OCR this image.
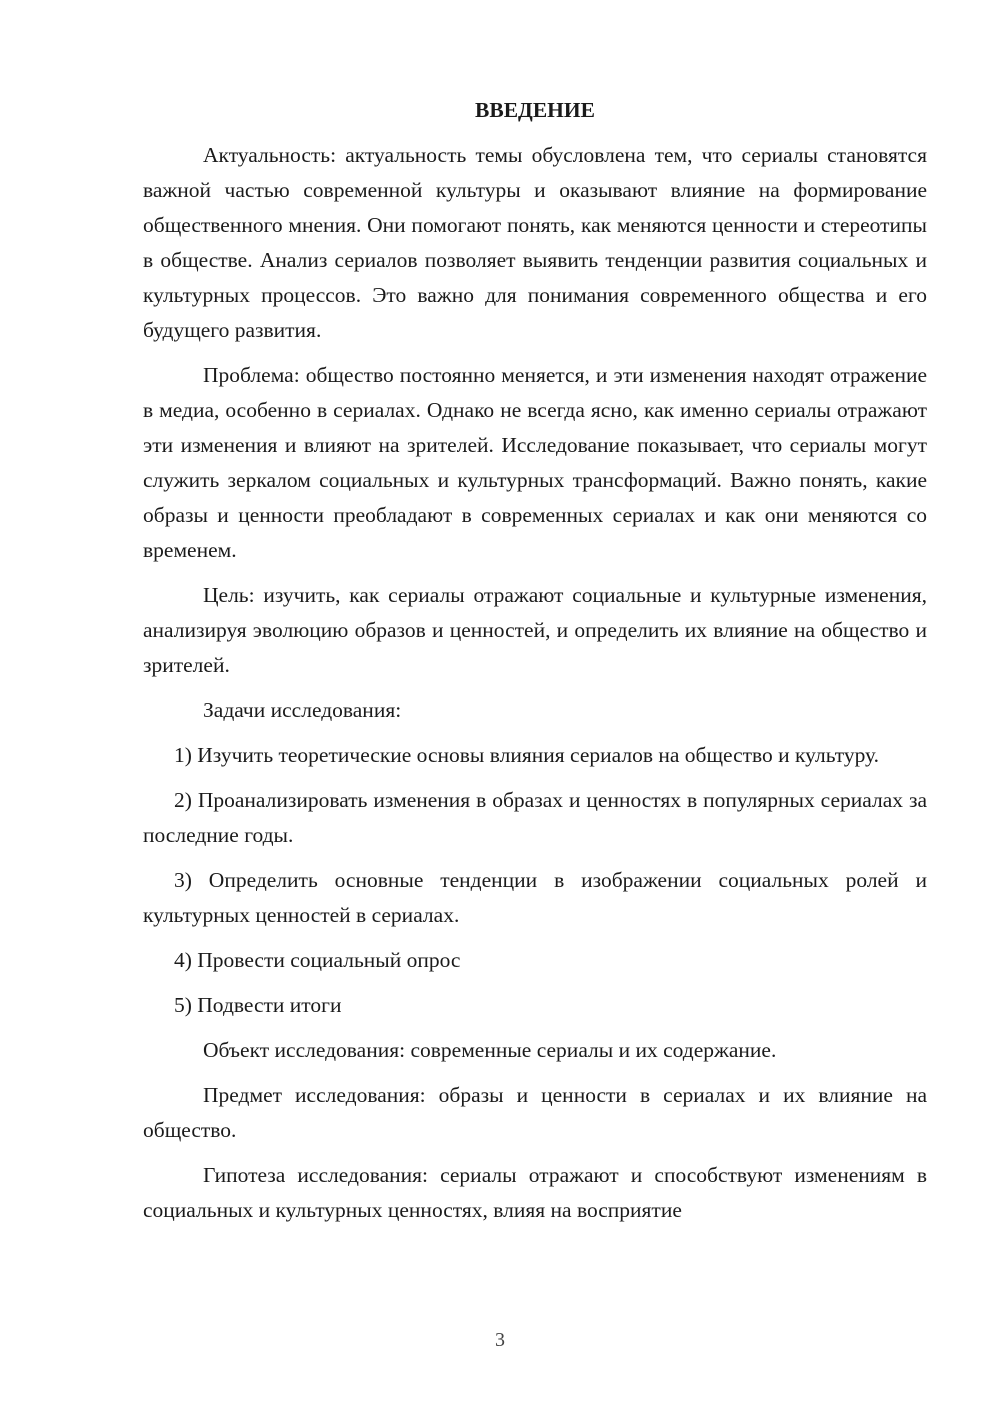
ВВЕДЕНИЕ

Актуальность: актуальность темы обусловлена тем, что сериалы становятся важной частью современной культуры и оказывают влияние на формирование общественного мнения. Они помогают понять, как меняются ценности и стереотипы в обществе. Анализ сериалов позволяет выявить тенденции развития социальных и культурных процессов. Это важно для понимания современного общества и его будущего развития.

Проблема: общество постоянно меняется, и эти изменения находят отражение в медиа, особенно в сериалах. Однако не всегда ясно, как именно сериалы отражают эти изменения и влияют на зрителей. Исследование показывает, что сериалы могут служить зеркалом социальных и культурных трансформаций. Важно понять, какие образы и ценности преобладают в современных сериалах и как они меняются со временем.

Цель: изучить, как сериалы отражают социальные и культурные изменения, анализируя эволюцию образов и ценностей, и определить их влияние на общество и зрителей.

Задачи исследования:

1) Изучить теоретические основы влияния сериалов на общество и культуру.

2) Проанализировать изменения в образах и ценностях в популярных сериалах за последние годы.

3) Определить основные тенденции в изображении социальных ролей и культурных ценностей в сериалах.

4) Провести социальный опрос

5) Подвести итоги

Объект исследования: современные сериалы и их содержание.

Предмет исследования: образы и ценности в сериалах и их влияние на общество.

Гипотеза исследования: сериалы отражают и способствуют изменениям в социальных и культурных ценностях, влияя на восприятие

3
